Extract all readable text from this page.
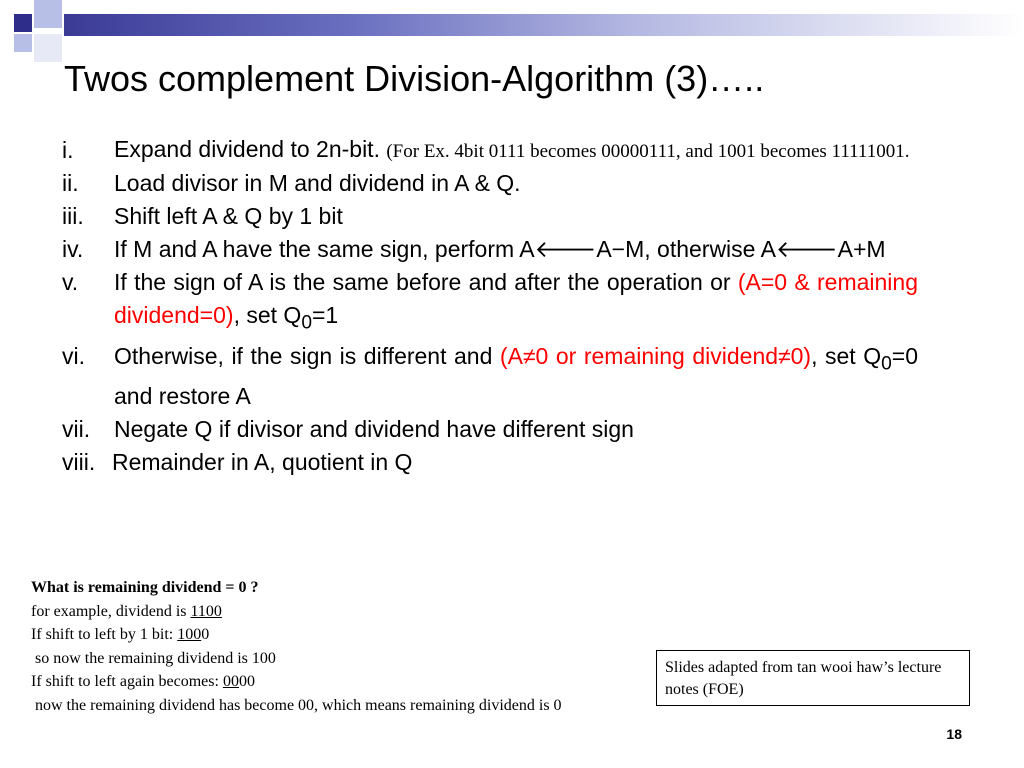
Twos complement Division-Algorithm (3)…..
i.	Expand dividend to 2n-bit. (For Ex. 4bit 0111 becomes 00000111, and 1001 becomes 11111001.
ii.	Load divisor in M and dividend in A & Q.
iii.	Shift left A & Q by 1 bit
iv.	If M and A have the same sign, perform A🡐A−M, otherwise A🡐A+M
v.	If the sign of A is the same before and after the operation or (A=0 & remaining dividend=0), set $Q_0=1$
vi.	Otherwise, if the sign is different and (A≠0 or remaining dividend≠0), set $Q_0=0$ and restore A
vii.	Negate Q if divisor and dividend have different sign
viii. Remainder in A, quotient in Q
What is remaining dividend = 0 ?
for example, dividend is 1100
If shift to left by 1 bit: 1000
so now the remaining dividend is 100
If shift to left again becomes: 0000
now the remaining dividend has become 00, which means remaining dividend is 0
Slides adapted from tan wooi haw’s lecture notes (FOE)
18
